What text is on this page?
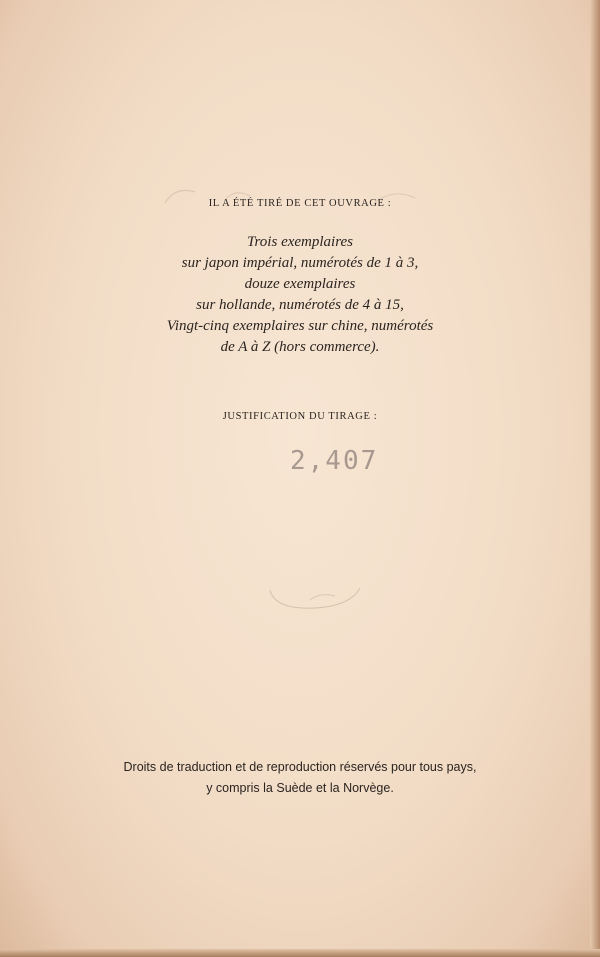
IL A ÉTÉ TIRÉ DE CET OUVRAGE :
Trois exemplaires
sur japon impérial, numérotés de 1 à 3,
douze exemplaires
sur hollande, numérotés de 4 à 15,
Vingt-cinq exemplaires sur chine, numérotés
de A à Z (hors commerce).
JUSTIFICATION DU TIRAGE :
2,407
Droits de traduction et de reproduction réservés pour tous pays,
y compris la Suède et la Norvège.
